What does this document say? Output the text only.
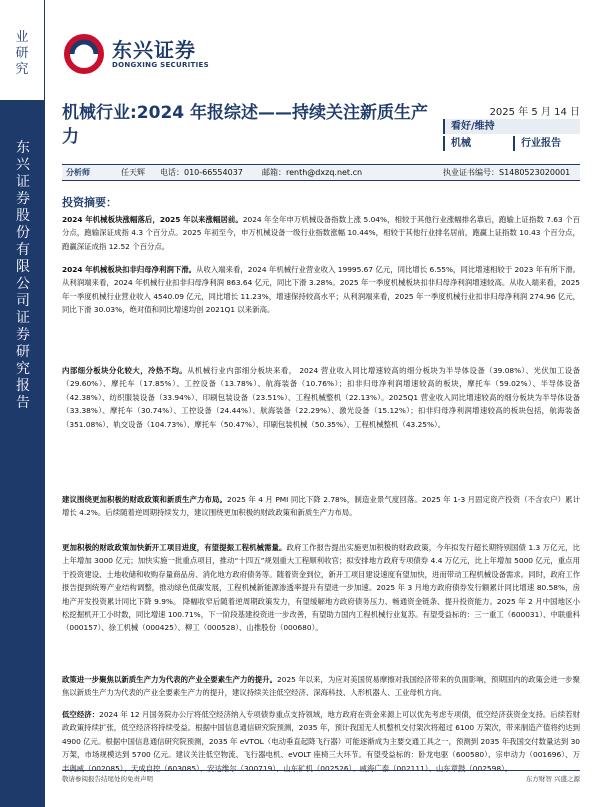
业研究
东兴证券股份有限公司证券研究报告
东兴证券
DONGXING SECURITIES
机械行业:2024 年报综述——持续关注新质生产力
2025 年 5 月 14 日
看好/维持
机械	行业报告
分析师	任天辉 电话：010-66554037 邮箱：renth@dxzq.net.cn	执业证书编号：S1480523020001
投资摘要：
2024 年机械板块涨幅落后，2025 年以来涨幅居前。2024 年全年申万机械设备指数上涨 5.04%，相较于其他行业涨幅排名靠后，跑输上证指数 7.63 个百分点，跑输深证成指 4.3 个百分点。2025 年初至今，申万机械设备一级行业指数涨幅 10.44%，相较于其他行业排名居前，跑赢上证指数 10.43 个百分点，跑赢深证成指 12.52 个百分点。
2024 年机械板块扣非归母净利润下滑。从收入端来看，2024 年机械行业营业收入 19995.67 亿元，同比增长 6.55%，同比增速相较于 2023 年有所下滑。从利润端来看，2024 年机械行业扣非归母净利润 863.64 亿元，同比下滑 3.28%。2025 年一季度机械板块扣非归母净利润增速较高。从收入端来看，2025 年一季度机械行业营业收入 4540.09 亿元，同比增长 11.23%，增速保持较高水平；从利润端来看，2025 年一季度机械行业扣非归母净利润 274.96 亿元，同比下滑 30.03%，绝对值和同比增速均创 2021Q1 以来新高。
内部细分板块分化较大，冷热不均。从机械行业内部细分板块来看， 2024 营业收入同比增速较高的细分板块为半导体设备（39.08%）、光伏加工设备（29.60%）、摩托车（17.85%）、工控设备（13.78%）、航海装备（10.76%）；扣非归母净利润增速较高的板块，摩托车（59.02%）、半导体设备（42.38%）、纺织服装设备（33.94%）、印刷包装设备（23.51%）、工程机械整机（22.13%）。2025Q1 营业收入同比增速较高的细分板块为半导体设备（33.38%）、摩托车（30.74%）、工控设备（24.44%）、航海装备（22.29%）、激光设备（15.12%）；扣非归母净利润增速较高的板块包括，航海装备（351.08%）、轨交设备（104.73%）、摩托车（50.47%）、印刷包装机械（50.35%）、工程机械整机（43.25%）。
建议围绕更加积极的财政政策和新质生产力布局。2025 年 4 月 PMI 同比下降 2.78%，制造业景气度回落。2025 年 1-3 月固定资产投资（不含农户）累计增长 4.2%。后续随着逆周期持续发力，建议围绕更加积极的财政政策和新质生产力布局。
更加积极的财政政策加快新开工项目进度，有望提振工程机械需量。政府工作报告提出实施更加积极的财政政策，今年拟发行超长期特别国债 1.3 万亿元，比上年增加 3000 亿元；加快实施一批重点项目，推动“十四五”规划重大工程顺利收官；拟安排地方政府专项债券 4.4 万亿元，比上年增加 5000 亿元，重点用于投资建设、土地收储和收购存量商品房、消化地方政府债务等。随着资金到位，新开工项目建设速度有望加快，进而带动工程机械设备需求。同时，政府工作报告提到统筹产业结构调整，推动绿色低碳发展，工程机械新能源渗透率提升有望进一步加速。2025 年 3 月地方政府债券发行额累计同比增速 80.58%，房地产开发投资累计同比下降 9.9%。 降幅收窄后随着逆周期政策发力，有望缓解地方政府债务压力、畅通资金链条、提升投资能力。2025 年 2 月中国地区小松挖掘机开工小时数，同比增速 100.71%，下一阶段基建投资进一步改善，有望助力国内工程机械行业复苏。有望受益标的：三一重工（600031）、中联重科（000157）、徐工机械（000425）、柳工（000528）、山推股份（000680）。
政策进一步聚焦以新质生产力为代表的产业全要素生产力的提升。2025 年以来，为应对美国贸易摩擦对我国经济带来的负面影响，预期国内的政策会进一步聚焦以新质生产力为代表的产业全要素生产力的提升，建议持续关注低空经济、深海科技、人形机器人、工业母机方向。
低空经济：2024 年 12 月国务院办公厅将低空经济纳入专项债券重点支持领域，地方政府在资金来源上可以优先考虑专项债，低空经济获资金支持。后续若财政政策持续扩张，低空经济将持续受益。根据中国信息通信研究院预测，2035 年，预计我国无人机整机交付架次将超过 6100 万架次，带来制造产值将约达到 4900 亿元。根据中国信息通信研究院预测，2035 年 eVTOL（电动垂直起降飞行器）可能逐渐成为主要交通工具之一，预测到 2035 年我国交付数量达到 30 万架，市场规模达到 5700 亿元。建议关注低空物流、飞行器电机、eVOLT 座椅三大环节。有望受益标的：卧龙电驱（600580）、宗申动力（001696）、万丰奥威（002085）、天成自控（603085）、安达维尔（300719）、山东矿机（002526）、威海广泰（002111）、山东章鼓（002598）。
敬请参阅报告结尾处的免责声明	东方财智 兴盛之源
